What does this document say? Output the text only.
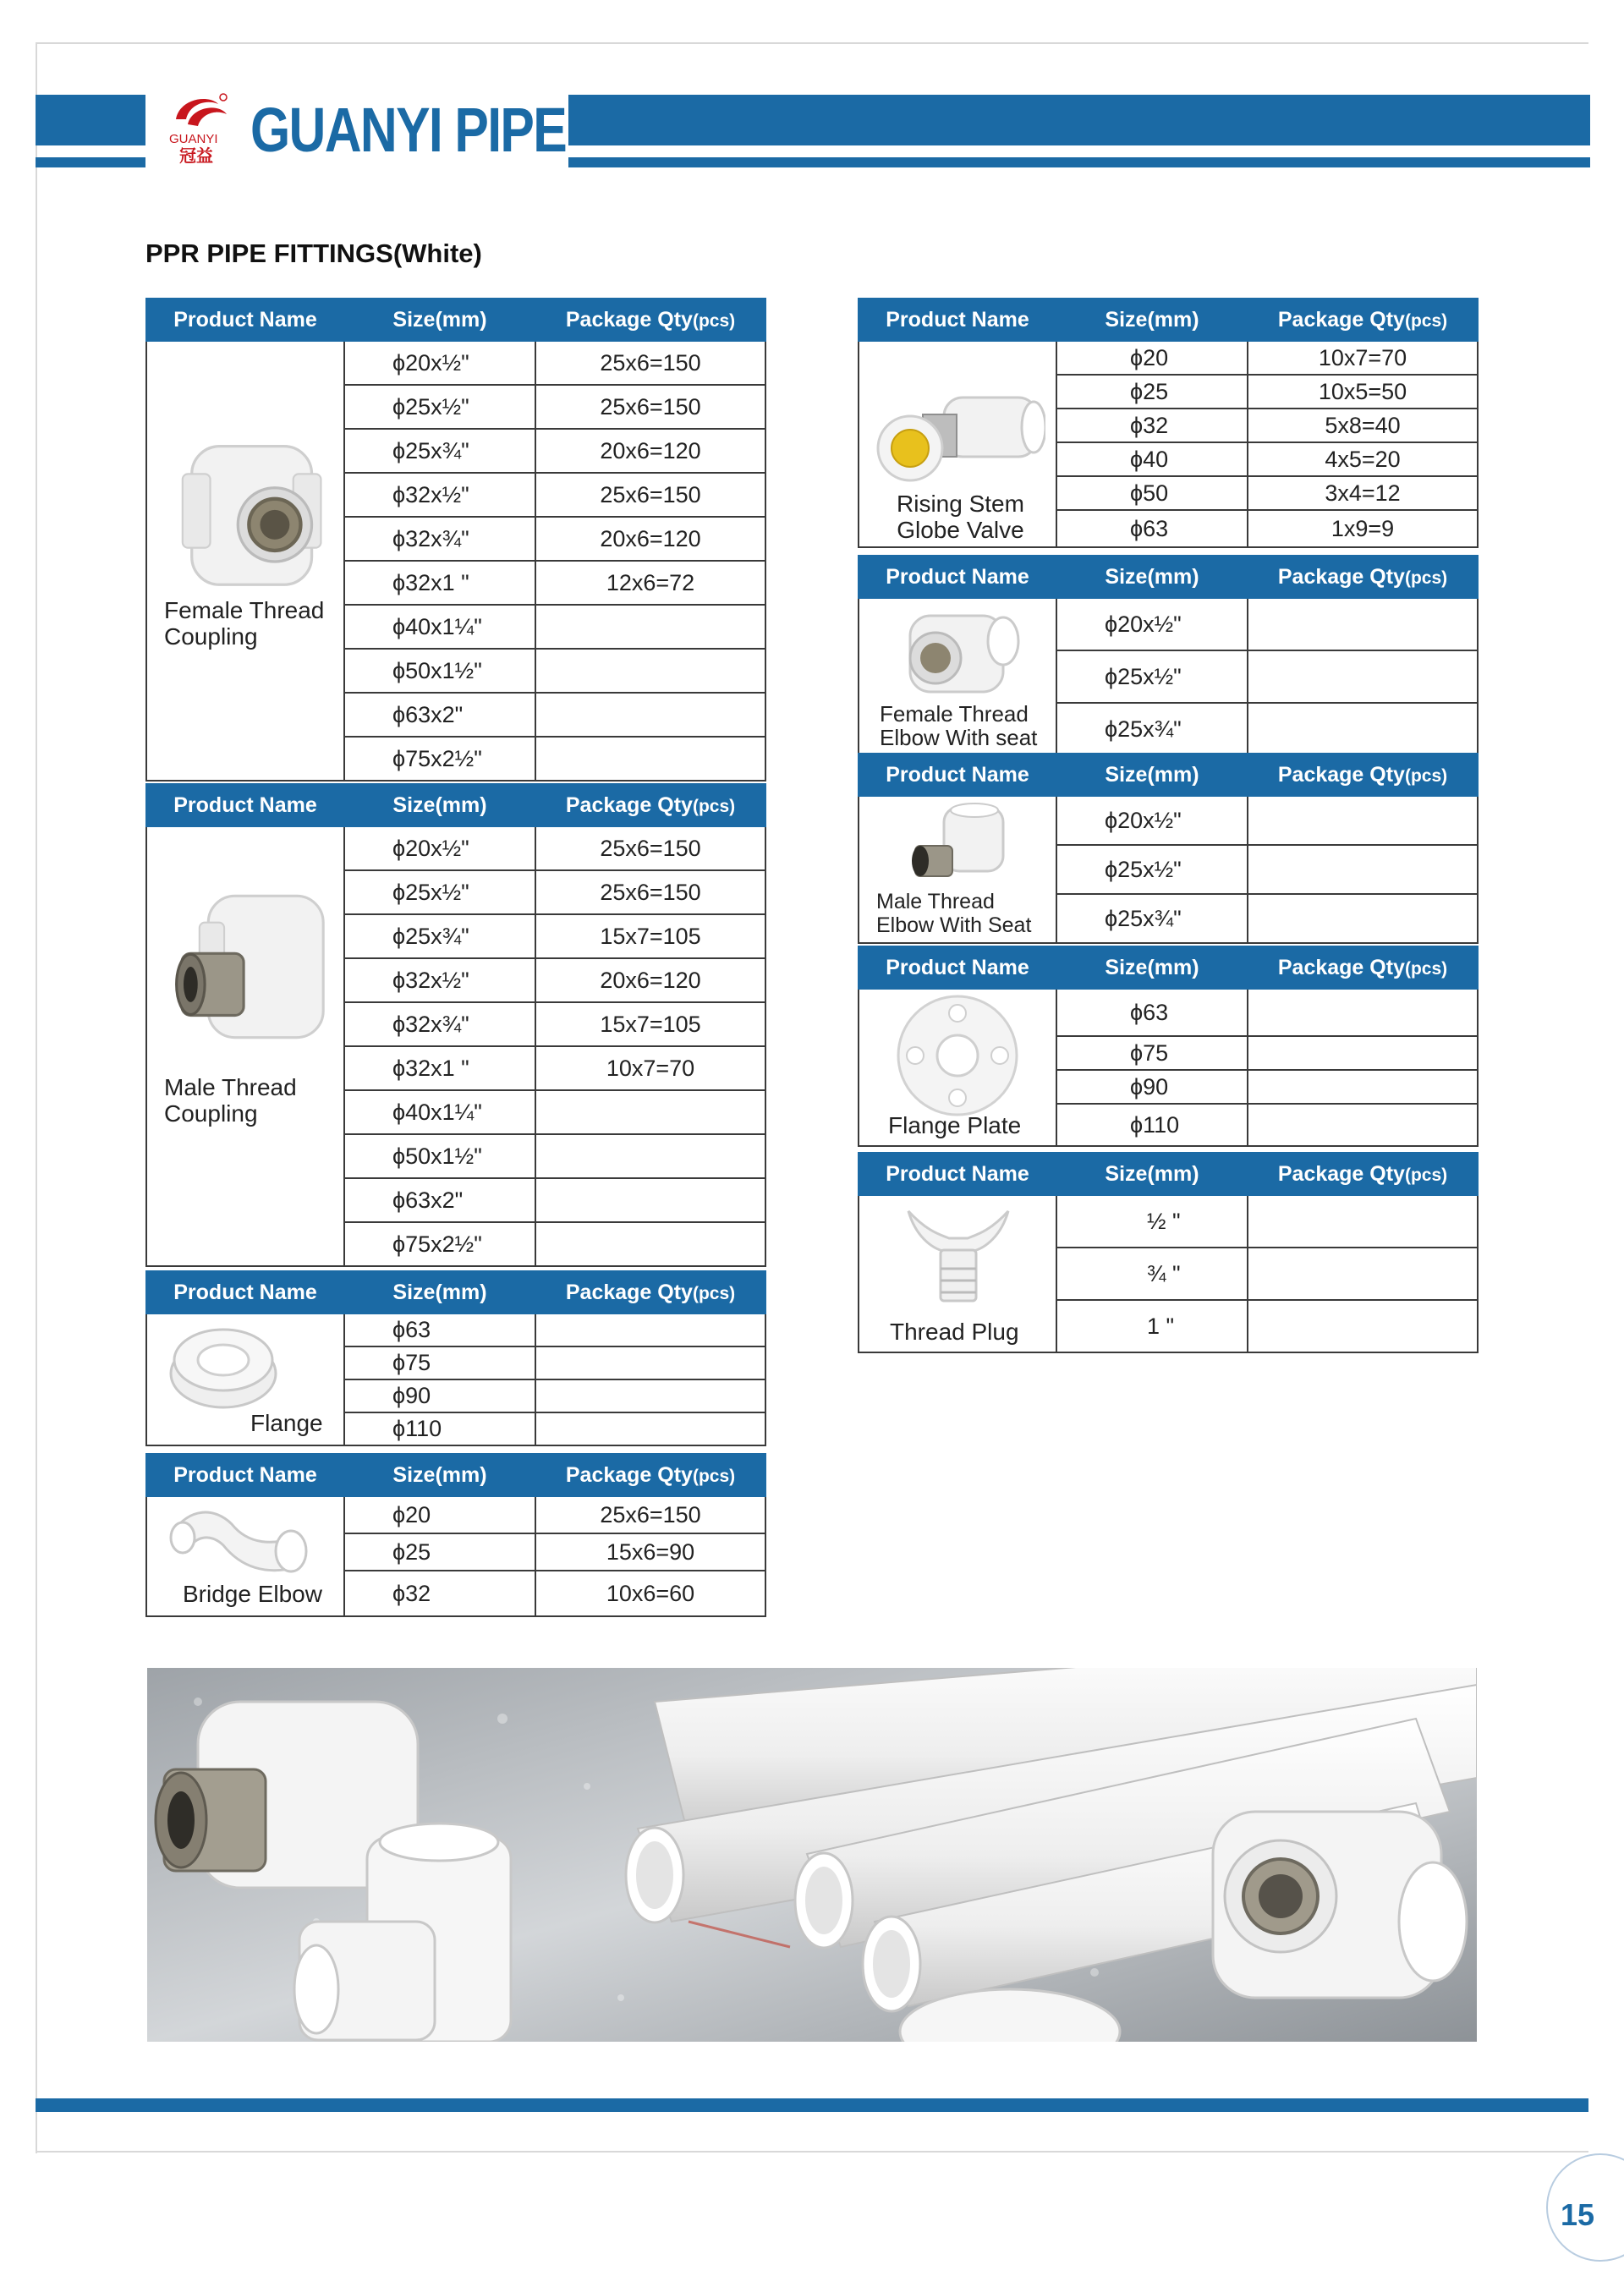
GUANYI
冠益 GUANYI PIPE
PPR PIPE FITTINGS(White)
Product Name	Size(mm)	Package Qty(pcs)

Female Thread
Coupling	ϕ20x½"	25x6=150
	ϕ25x½"	25x6=150
	ϕ25x¾"	20x6=120
	ϕ32x½"	25x6=150
	ϕ32x¾"	20x6=120
	ϕ32x1 "	12x6=72
	ϕ40x1¼"	
	ϕ50x1½"	
	ϕ63x2"	
	ϕ75x2½"	
Product Name	Size(mm)	Package Qty(pcs)

Male Thread
Coupling	ϕ20x½"	25x6=150
	ϕ25x½"	25x6=150
	ϕ25x¾"	15x7=105
	ϕ32x½"	20x6=120
	ϕ32x¾"	15x7=105
	ϕ32x1 "	10x7=70
	ϕ40x1¼"	
	ϕ50x1½"	
	ϕ63x2"	
	ϕ75x2½"	
Product Name	Size(mm)	Package Qty(pcs)

Flange	ϕ63	
	ϕ75	
	ϕ90	
	ϕ110	
Product Name	Size(mm)	Package Qty(pcs)

Bridge Elbow	ϕ20	25x6=150
	ϕ25	15x6=90
	ϕ32	10x6=60
Product Name	Size(mm)	Package Qty(pcs)

Rising Stem
Globe Valve	ϕ20	10x7=70
	ϕ25	10x5=50
	ϕ32	5x8=40
	ϕ40	4x5=20
	ϕ50	3x4=12
	ϕ63	1x9=9
Product Name	Size(mm)	Package Qty(pcs)

Female Thread
Elbow With seat	ϕ20x½"	
	ϕ25x½"	
	ϕ25x¾"	
Product Name	Size(mm)	Package Qty(pcs)

Male Thread
Elbow With Seat	ϕ20x½"	
	ϕ25x½"	
	ϕ25x¾"	
Product Name	Size(mm)	Package Qty(pcs)

Flange Plate	ϕ63	
	ϕ75	
	ϕ90	
	ϕ110	
Product Name	Size(mm)	Package Qty(pcs)

Thread Plug	½ "	
	¾ "	
	1 "	
15
